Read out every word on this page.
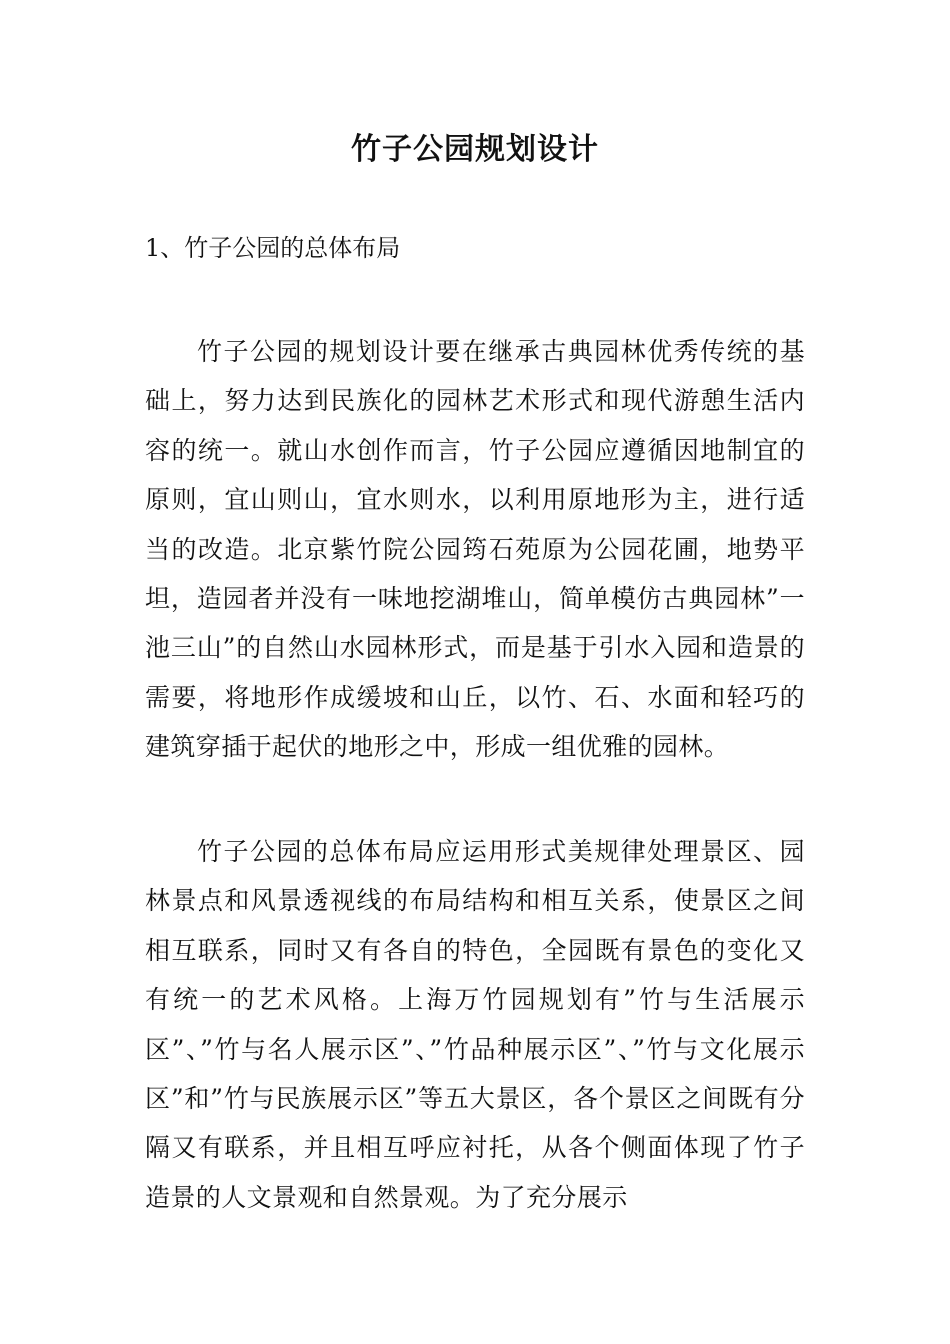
竹子公园规划设计
1、竹子公园的总体布局

竹子公园的规划设计要在继承古典园林优秀传统的基础上，努力达到民族化的园林艺术形式和现代游憩生活内容的统一。就山水创作而言，竹子公园应遵循因地制宜的原则，宜山则山，宜水则水，以利用原地形为主，进行适当的改造。北京紫竹院公园筠石苑原为公园花圃，地势平坦，造园者并没有一味地挖湖堆山，简单模仿古典园林”一池三山”的自然山水园林形式，而是基于引水入园和造景的需要，将地形作成缓坡和山丘，以竹、石、水面和轻巧的建筑穿插于起伏的地形之中，形成一组优雅的园林。

竹子公园的总体布局应运用形式美规律处理景区、园林景点和风景透视线的布局结构和相互关系，使景区之间相互联系，同时又有各自的特色，全园既有景色的变化又有统一的艺术风格。上海万竹园规划有”竹与生活展示区”、”竹与名人展示区”、”竹品种展示区”、”竹与文化展示区”和”竹与民族展示区”等五大景区，各个景区之间既有分隔又有联系，并且相互呼应衬托，从各个侧面体现了竹子造景的人文景观和自然景观。为了充分展示
